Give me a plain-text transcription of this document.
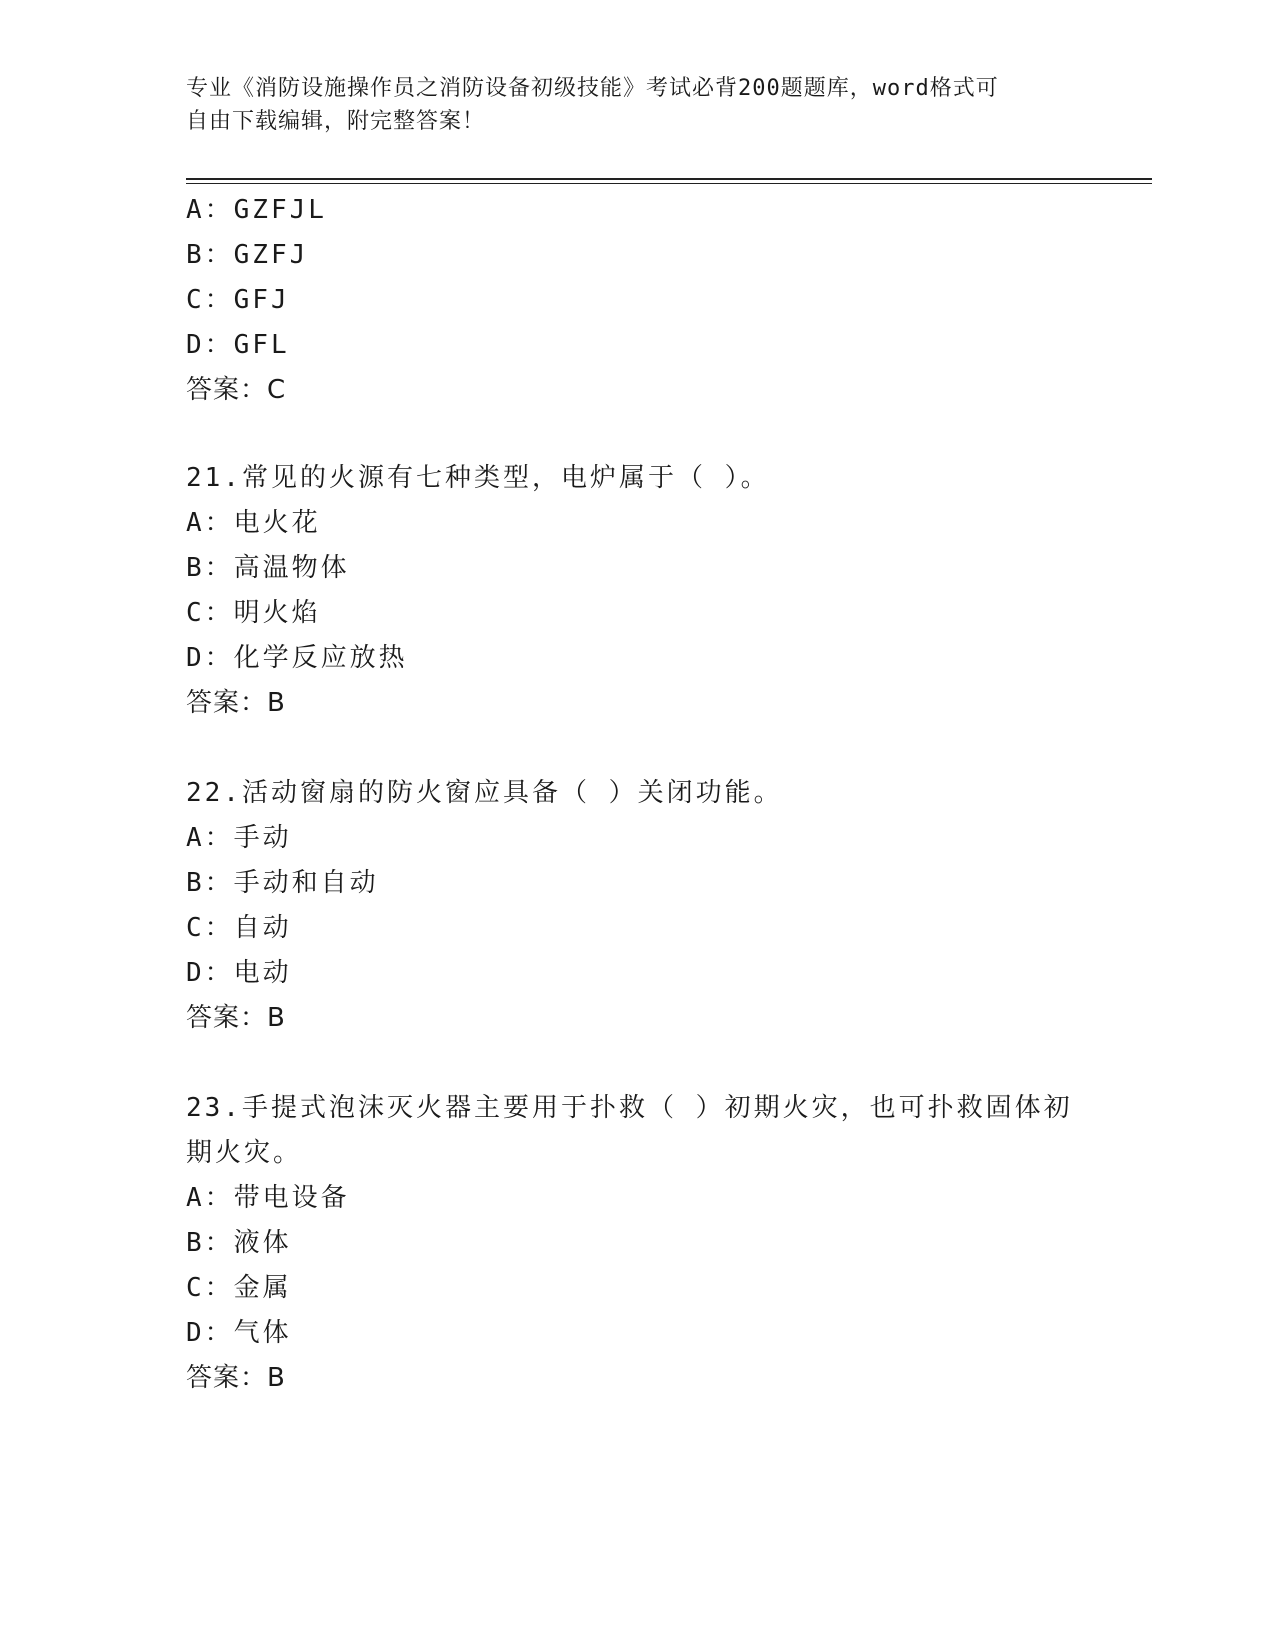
专业《消防设施操作员之消防设备初级技能》考试必背200题题库，word格式可
自由下载编辑，附完整答案！
A：GZFJL
B：GZFJ
C：GFJ
D：GFL
答案：C
21.常见的火源有七种类型，电炉属于（ ）。
A：电火花
B：高温物体
C：明火焰
D：化学反应放热
答案：B
22.活动窗扇的防火窗应具备（ ）关闭功能。
A：手动
B：手动和自动
C：自动
D：电动
答案：B
23.手提式泡沫灭火器主要用于扑救（ ）初期火灾，也可扑救固体初
期火灾。
A：带电设备
B：液体
C：金属
D：气体
答案：B
